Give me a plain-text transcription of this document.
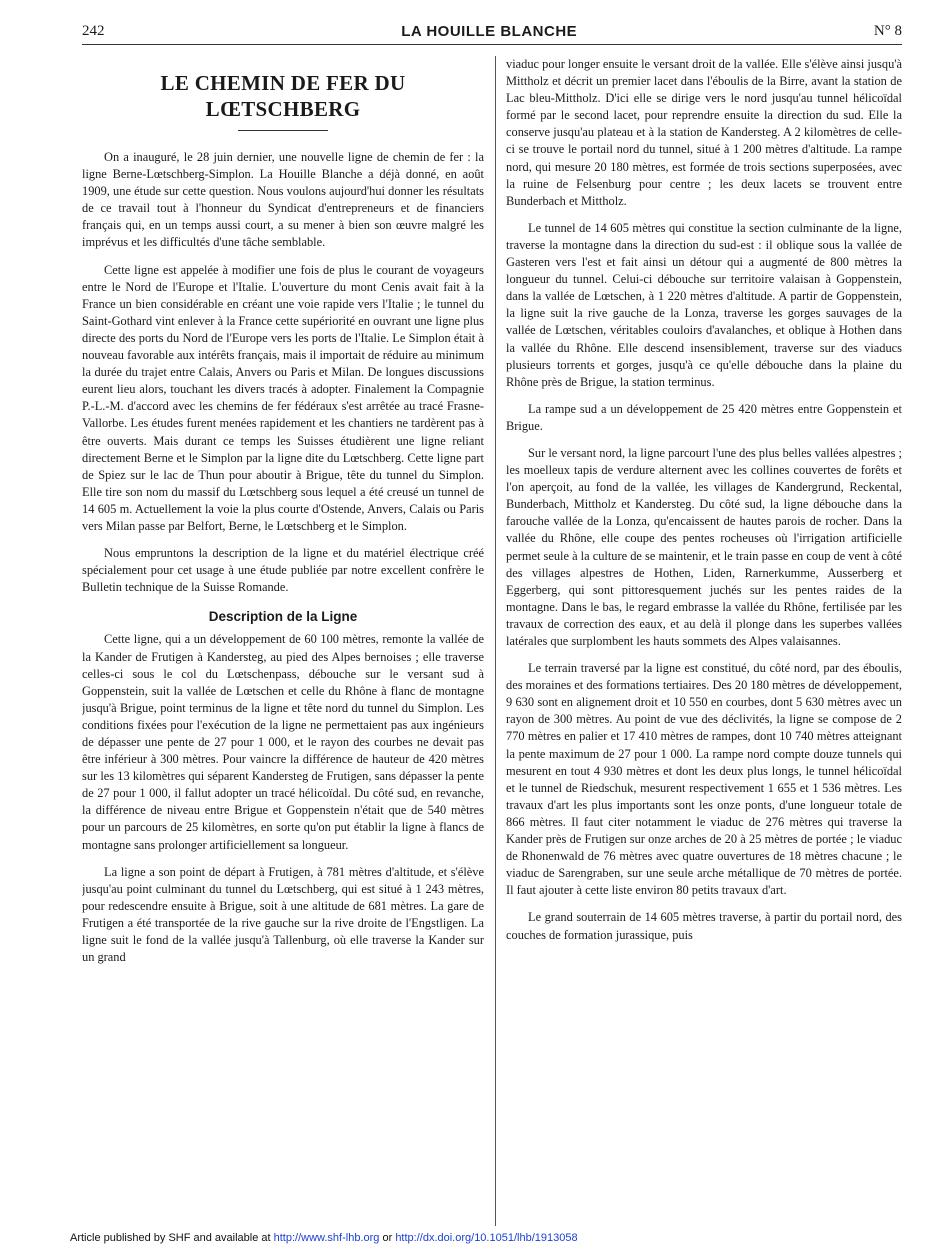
242	LA HOUILLE BLANCHE	N° 8
LE CHEMIN DE FER DU LŒTSCHBERG

On a inauguré, le 28 juin dernier, une nouvelle ligne de chemin de fer : la ligne Berne-Lœtschberg-Simplon. La Houille Blanche a déjà donné, en août 1909, une étude sur cette question. Nous voulons aujourd'hui donner les résultats de ce travail tout à l'honneur du Syndicat d'entrepreneurs et de financiers français qui, en un temps aussi court, a su mener à bien son œuvre malgré les imprévus et les difficultés d'une tâche semblable.

Cette ligne est appelée à modifier une fois de plus le courant de voyageurs entre le Nord de l'Europe et l'Italie. L'ouverture du mont Cenis avait fait à la France un bien considérable en créant une voie rapide vers l'Italie ; le tunnel du Saint-Gothard vint enlever à la France cette supériorité en ouvrant une ligne plus directe des ports du Nord de l'Europe vers les ports de l'Italie. Le Simplon était à nouveau favorable aux intérêts français, mais il importait de réduire au minimum la durée du trajet entre Calais, Anvers ou Paris et Milan. De longues discussions eurent lieu alors, touchant les divers tracés à adopter. Finalement la Compagnie P.-L.-M. d'accord avec les chemins de fer fédéraux s'est arrêtée au tracé Frasne-Vallorbe. Les études furent menées rapidement et les chantiers ne tardèrent pas à être ouverts. Mais durant ce temps les Suisses étudièrent une ligne reliant directement Berne et le Simplon par la ligne dite du Lœtschberg. Cette ligne part de Spiez sur le lac de Thun pour aboutir à Brigue, tête du tunnel du Simplon. Elle tire son nom du massif du Lœtschberg sous lequel a été creusé un tunnel de 14 605 m. Actuellement la voie la plus courte d'Ostende, Anvers, Calais ou Paris vers Milan passe par Belfort, Berne, le Lœtschberg et le Simplon.

Nous empruntons la description de la ligne et du matériel électrique créé spécialement pour cet usage à une étude publiée par notre excellent confrère le Bulletin technique de la Suisse Romande.

Description de la Ligne

Cette ligne, qui a un développement de 60 100 mètres, remonte la vallée de la Kander de Frutigen à Kandersteg, au pied des Alpes bernoises ; elle traverse celles-ci sous le col du Lœtschenpass, débouche sur le versant sud à Goppenstein, suit la vallée de Lœtschen et celle du Rhône à flanc de montagne jusqu'à Brigue, point terminus de la ligne et tête nord du tunnel du Simplon. Les conditions fixées pour l'exécution de la ligne ne permettaient pas aux ingénieurs de dépasser une pente de 27 pour 1 000, et le rayon des courbes ne devait pas être inférieur à 300 mètres. Pour vaincre la différence de hauteur de 420 mètres sur les 13 kilomètres qui séparent Kandersteg de Frutigen, sans dépasser la pente de 27 pour 1 000, il fallut adopter un tracé hélicoïdal. Du côté sud, en revanche, la différence de niveau entre Brigue et Goppenstein n'était que de 540 mètres pour un parcours de 25 kilomètres, en sorte qu'on put établir la ligne à flancs de montagne sans prolonger artificiellement sa longueur.

La ligne a son point de départ à Frutigen, à 781 mètres d'altitude, et s'élève jusqu'au point culminant du tunnel du Lœtschberg, qui est situé à 1 243 mètres, pour redescendre ensuite à Brigue, soit à une altitude de 681 mètres. La gare de Frutigen a été transportée de la rive gauche sur la rive droite de l'Engstligen. La ligne suit le fond de la vallée jusqu'à Tallenburg, où elle traverse la Kander sur un grand

viaduc pour longer ensuite le versant droit de la vallée. Elle s'élève ainsi jusqu'à Mittholz et décrit un premier lacet dans l'éboulis de la Birre, avant la station de Lac bleu-Mittholz. D'ici elle se dirige vers le nord jusqu'au tunnel hélicoïdal formé par le second lacet, pour reprendre ensuite la direction du sud. Elle la conserve jusqu'au plateau et à la station de Kandersteg. A 2 kilomètres de celle-ci se trouve le portail nord du tunnel, situé à 1 200 mètres d'altitude. La rampe nord, qui mesure 20 180 mètres, est formée de trois sections superposées, avec la ruine de Felsenburg pour centre ; les deux lacets se trouvent entre Bunderbach et Mittholz.

Le tunnel de 14 605 mètres qui constitue la section culminante de la ligne, traverse la montagne dans la direction du sud-est : il oblique sous la vallée de Gasteren vers l'est et fait ainsi un détour qui a augmenté de 800 mètres la longueur du tunnel. Celui-ci débouche sur territoire valaisan à Goppenstein, dans la vallée de Lœtschen, à 1 220 mètres d'altitude. A partir de Goppenstein, la ligne suit la rive gauche de la Lonza, traverse les gorges sauvages de la vallée de Lœtschen, véritables couloirs d'avalanches, et oblique à Hothen dans la vallée du Rhône. Elle descend insensiblement, traverse sur des viaducs plusieurs torrents et gorges, jusqu'à ce qu'elle débouche dans la plaine du Rhône près de Brigue, la station terminus.

La rampe sud a un développement de 25 420 mètres entre Goppenstein et Brigue.

Sur le versant nord, la ligne parcourt l'une des plus belles vallées alpestres ; les moelleux tapis de verdure alternent avec les collines couvertes de forêts et l'on aperçoit, au fond de la vallée, les villages de Kandergrund, Reckental, Bunderbach, Mittholz et Kandersteg. Du côté sud, la ligne débouche dans la farouche vallée de la Lonza, qu'encaissent de hautes parois de rocher. Dans la vallée du Rhône, elle coupe des pentes rocheuses où l'irrigation artificielle permet seule à la culture de se maintenir, et le train passe en coup de vent à côté des villages alpestres de Hothen, Liden, Rarnerkumme, Ausserberg et Eggerberg, qui sont pittoresquement juchés sur les pentes raides de la montagne. Dans le bas, le regard embrasse la vallée du Rhône, fertilisée par les travaux de correction des eaux, et au delà il plonge dans les superbes vallées latérales que surplombent les hauts sommets des Alpes valaisannes.

Le terrain traversé par la ligne est constitué, du côté nord, par des éboulis, des moraines et des formations tertiaires. Des 20 180 mètres de développement, 9 630 sont en alignement droit et 10 550 en courbes, dont 5 630 mètres avec un rayon de 300 mètres. Au point de vue des déclivités, la ligne se compose de 2 770 mètres en palier et 17 410 mètres de rampes, dont 10 740 mètres atteignant la pente maximum de 27 pour 1 000. La rampe nord compte douze tunnels qui mesurent en tout 4 930 mètres et dont les deux plus longs, le tunnel hélicoïdal et le tunnel de Riedschuk, mesurent respectivement 1 655 et 1 536 mètres. Les travaux d'art les plus importants sont les onze ponts, d'une longueur totale de 866 mètres. Il faut citer notamment le viaduc de 276 mètres qui traverse la Kander près de Frutigen sur onze arches de 20 à 25 mètres de portée ; le viaduc de Rhonenwald de 76 mètres avec quatre ouvertures de 18 mètres chacune ; le viaduc de Sarengraben, sur une seule arche métallique de 70 mètres de portée. Il faut ajouter à cette liste environ 80 petits travaux d'art.

Le grand souterrain de 14 605 mètres traverse, à partir du portail nord, des couches de formation jurassique, puis

Article published by SHF and available at http://www.shf-lhb.org or http://dx.doi.org/10.1051/lhb/1913058
